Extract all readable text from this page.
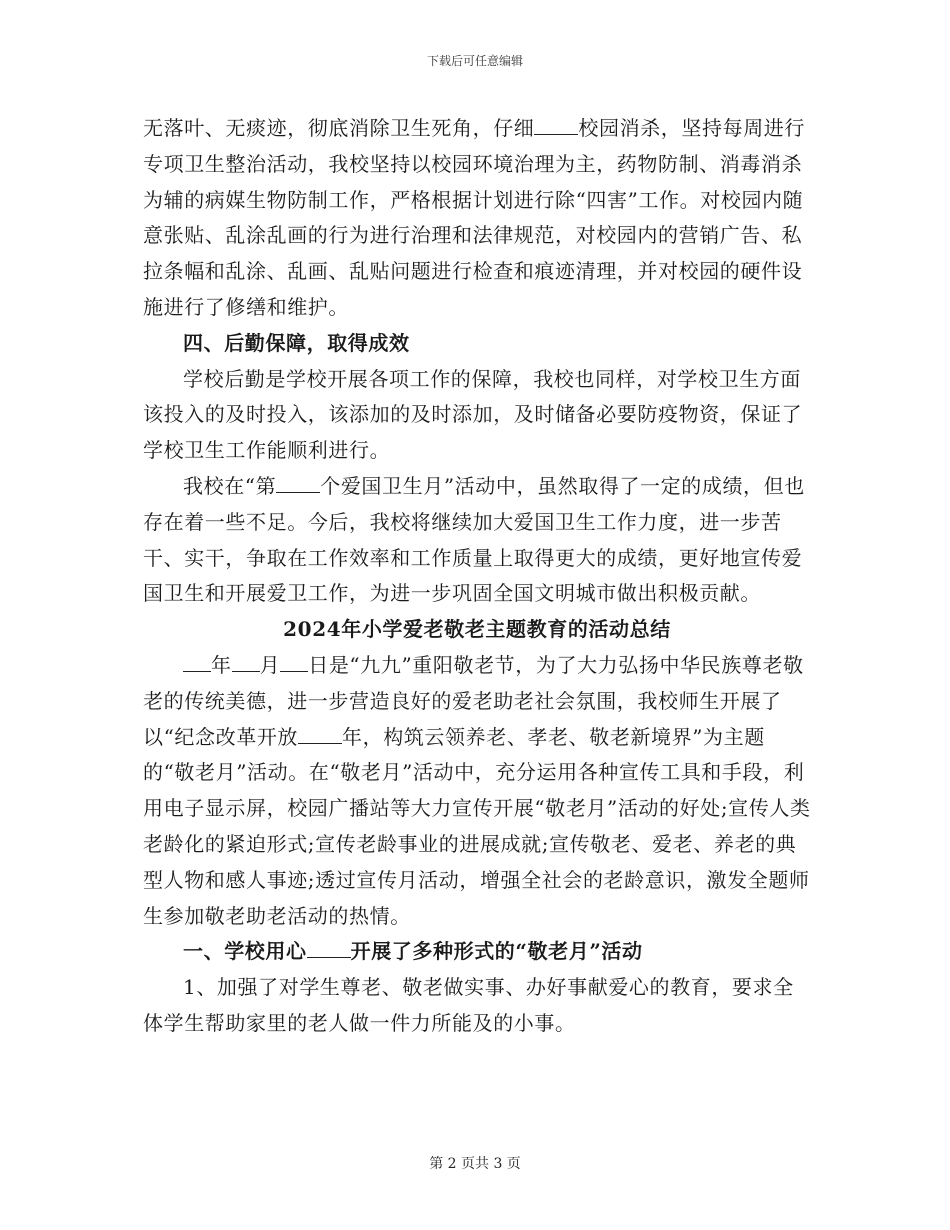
下载后可任意编辑

无落叶、无痰迹，彻底消除卫生死角，仔细 校园消杀，坚持每周进行专项卫生整治活动，我校坚持以校园环境治理为主，药物防制、消毒消杀为辅的病媒生物防制工作，严格根据计划进行除“四害”工作。对校园内随意张贴、乱涂乱画的行为进行治理和法律规范，对校园内的营销广告、私拉条幅和乱涂、乱画、乱贴问题进行检查和痕迹清理，并对校园的硬件设施进行了修缮和维护。

四、后勤保障，取得成效

学校后勤是学校开展各项工作的保障，我校也同样，对学校卫生方面该投入的及时投入，该添加的及时添加，及时储备必要防疫物资，保证了学校卫生工作能顺利进行。

我校在“第 个爱国卫生月”活动中，虽然取得了一定的成绩，但也存在着一些不足。今后，我校将继续加大爱国卫生工作力度，进一步苦干、实干，争取在工作效率和工作质量上取得更大的成绩，更好地宣传爱国卫生和开展爱卫工作，为进一步巩固全国文明城市做出积极贡献。

2024年小学爱老敬老主题教育的活动总结

年 月 日是“九九”重阳敬老节，为了大力弘扬中华民族尊老敬老的传统美德，进一步营造良好的爱老助老社会氛围，我校师生开展了以“纪念改革开放 年，构筑云领养老、孝老、敬老新境界”为主题的“敬老月”活动。在“敬老月”活动中，充分运用各种宣传工具和手段，利用电子显示屏，校园广播站等大力宣传开展“敬老月”活动的好处;宣传人类老龄化的紧迫形式;宣传老龄事业的进展成就;宣传敬老、爱老、养老的典型人物和感人事迹;透过宣传月活动，增强全社会的老龄意识，激发全题师生参加敬老助老活动的热情。

一、学校用心 开展了多种形式的“敬老月”活动

1、加强了对学生尊老、敬老做实事、办好事献爱心的教育，要求全体学生帮助家里的老人做一件力所能及的小事。

第 2 页共 3 页
